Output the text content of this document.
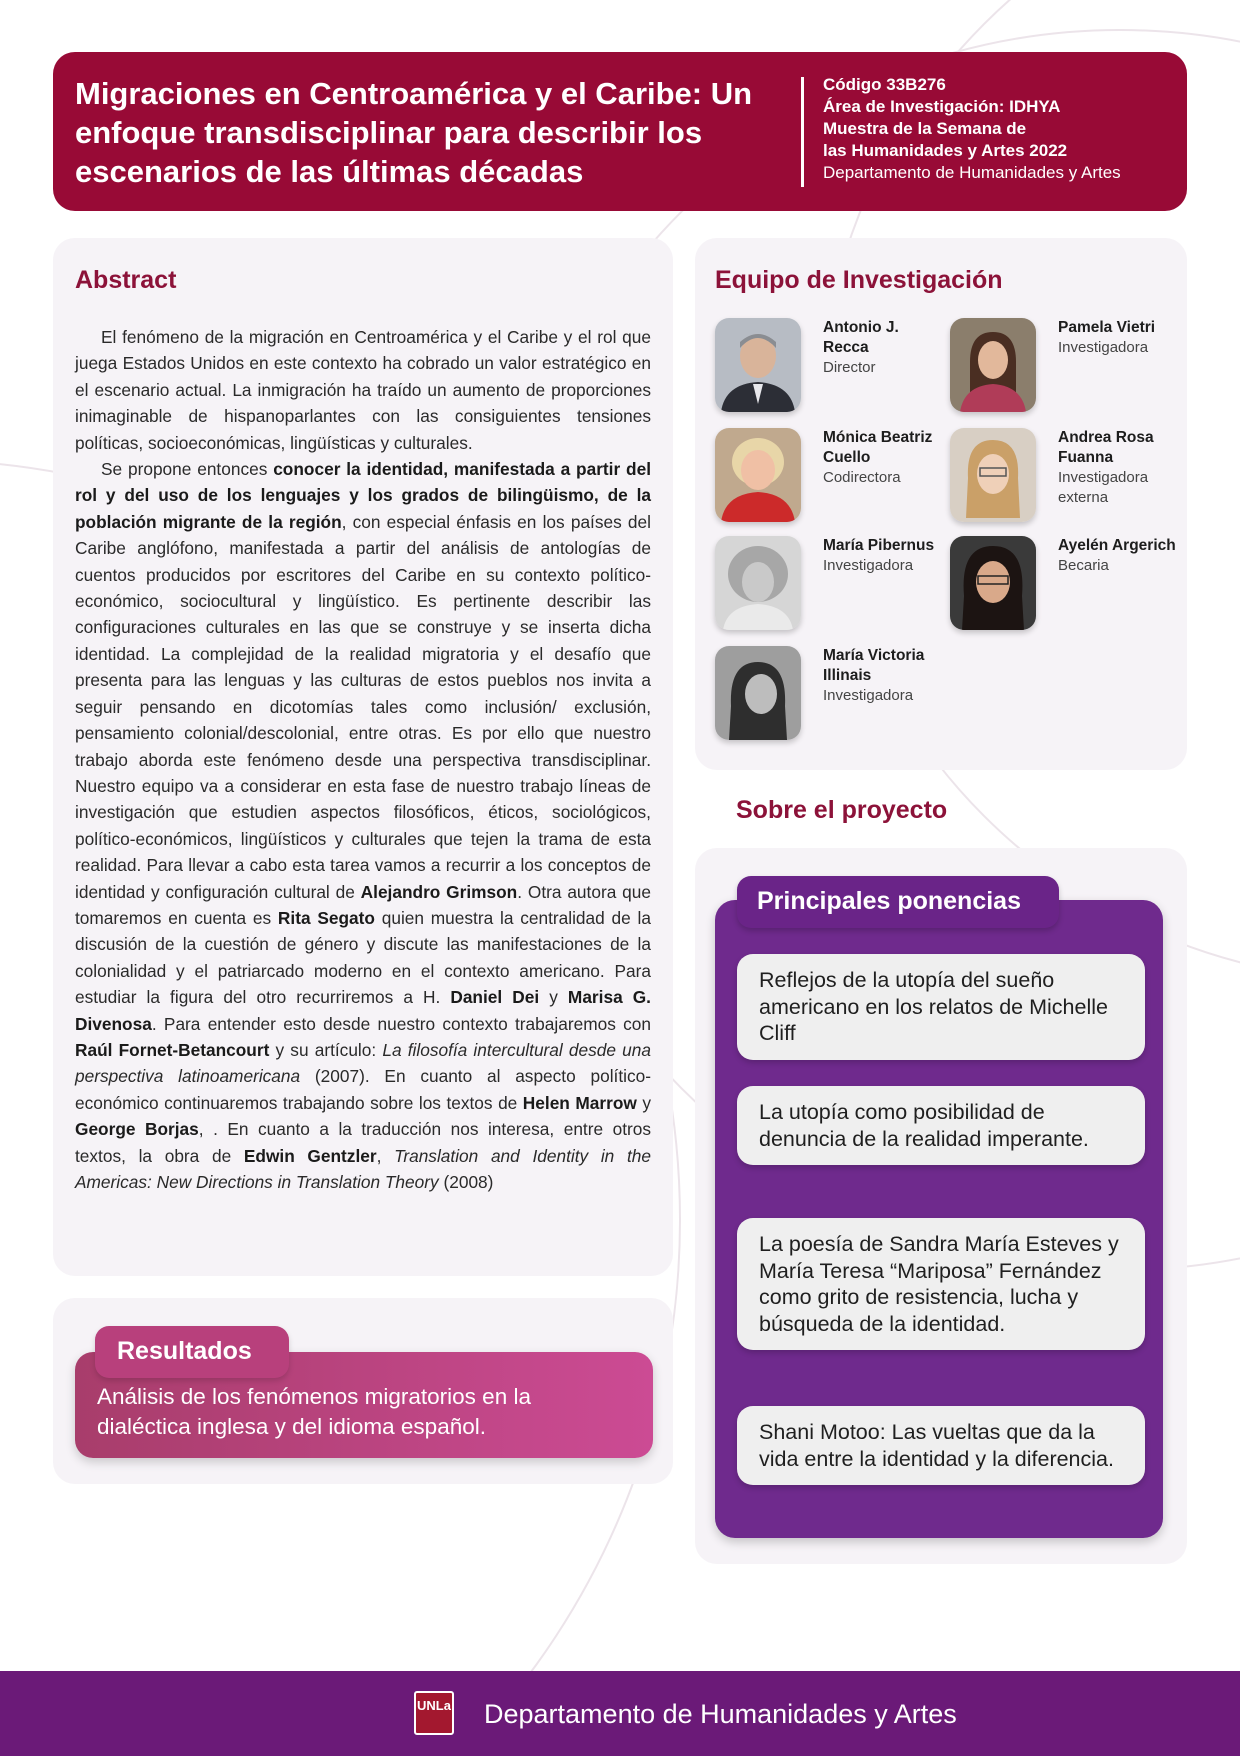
Migraciones en Centroamérica y el Caribe: Un enfoque transdisciplinar para describir los escenarios de las últimas décadas
Código 33B276
Área de Investigación: IDHYA
Muestra de la Semana de
las Humanidades y Artes 2022
Departamento de Humanidades y Artes
Abstract

El fenómeno de la migración en Centroamérica y el Caribe y el rol que juega Estados Unidos en este contexto ha cobrado un valor estratégico en el escenario actual. La inmigración ha traído un aumento de proporciones inimaginable de hispanoparlantes con las consiguientes tensiones políticas, socioeconómicas, lingüísticas y culturales.

Se propone entonces conocer la identidad, manifestada a partir del rol y del uso de los lenguajes y los grados de bilingüismo, de la población migrante de la región, con especial énfasis en los países del Caribe anglófono, manifestada a partir del análisis de antologías de cuentos producidos por escritores del Caribe en su contexto político-económico, sociocultural y lingüístico. Es pertinente describir las configuraciones culturales en las que se construye y se inserta dicha identidad. La complejidad de la realidad migratoria y el desafío que presenta para las lenguas y las culturas de estos pueblos nos invita a seguir pensando en dicotomías tales como inclusión/ exclusión, pensamiento colonial/descolonial, entre otras. Es por ello que nuestro trabajo aborda este fenómeno desde una perspectiva transdisciplinar. Nuestro equipo va a considerar en esta fase de nuestro trabajo líneas de investigación que estudien aspectos filosóficos, éticos, sociológicos, político-económicos, lingüísticos y culturales que tejen la trama de esta realidad. Para llevar a cabo esta tarea vamos a recurrir a los conceptos de identidad y configuración cultural de Alejandro Grimson. Otra autora que tomaremos en cuenta es Rita Segato quien muestra la centralidad de la discusión de la cuestión de género y discute las manifestaciones de la colonialidad y el patriarcado moderno en el contexto americano. Para estudiar la figura del otro recurriremos a H. Daniel Dei y Marisa G. Divenosa. Para entender esto desde nuestro contexto trabajaremos con Raúl Fornet-Betancourt y su artículo: La filosofía intercultural desde una perspectiva latinoamericana (2007). En cuanto al aspecto político-económico continuaremos trabajando sobre los textos de Helen Marrow y George Borjas, . En cuanto a la traducción nos interesa, entre otros textos, la obra de Edwin Gentzler, Translation and Identity in the Americas: New Directions in Translation Theory (2008)

Análisis de los fenómenos migratorios en la dialéctica inglesa y del idioma español.
Resultados
Equipo de Investigación
Antonio J. Recca
Director
Pamela Vietri
Investigadora
Mónica Beatriz Cuello
Codirectora
Andrea Rosa Fuanna
Investigadora externa
María Pibernus
Investigadora
Ayelén Argerich
Becaria
María Victoria Illinais
Investigadora
Sobre el proyecto
Principales ponencias
Reflejos de la utopía del sueño americano en los relatos de Michelle Cliff
La utopía como posibilidad de denuncia de la realidad imperante.
La poesía de Sandra María Esteves y María Teresa “Mariposa” Fernández como grito de resistencia, lucha y búsqueda de la identidad.
Shani Motoo: Las vueltas que da la vida entre la identidad y la diferencia.
UNLa Departamento de Humanidades y Artes
